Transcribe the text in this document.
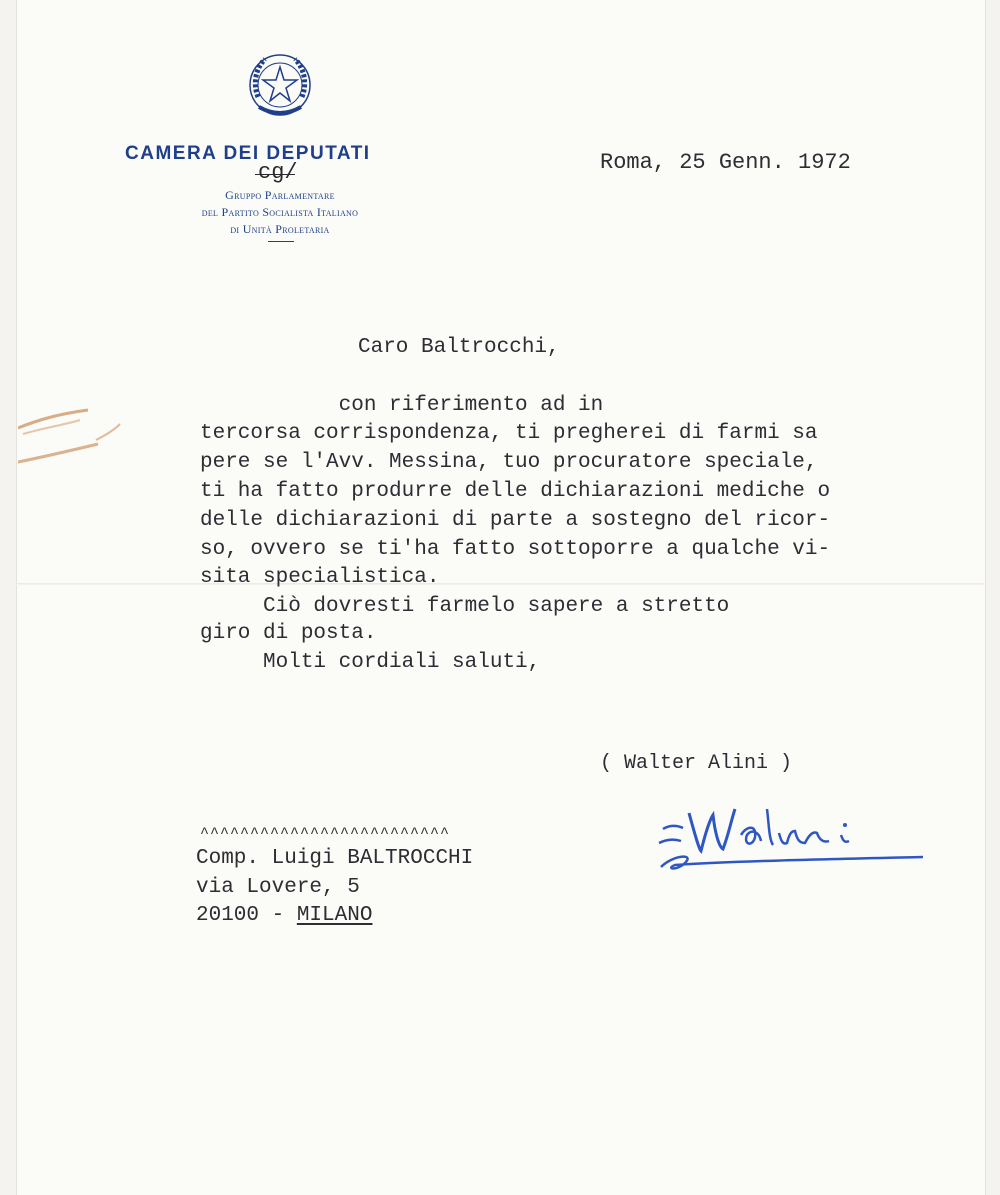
CAMERA DEI DEPUTATI
cg/
Gruppo Parlamentare
del Partito Socialista Italiano
di Unità Proletaria
Roma, 25 Genn. 1972
Caro Baltrocchi,
con riferimento ad in
tercorsa corrispondenza, ti pregherei di farmi sa
pere se l'Avv. Messina, tuo procuratore speciale,
ti ha fatto produrre delle dichiarazioni mediche o
delle dichiarazioni di parte a sostegno del ricor-
so, ovvero se ti'ha fatto sottoporre a qualche vi-
sita specialistica.
Ciò dovresti farmelo sapere a stretto
giro di posta.
Molti cordiali saluti,
( Walter Alini )
^^^^^^^^^^^^^^^^^^^^^^^^^
Comp. Luigi BALTROCCHI
via Lovere, 5
20100 - MILANO
